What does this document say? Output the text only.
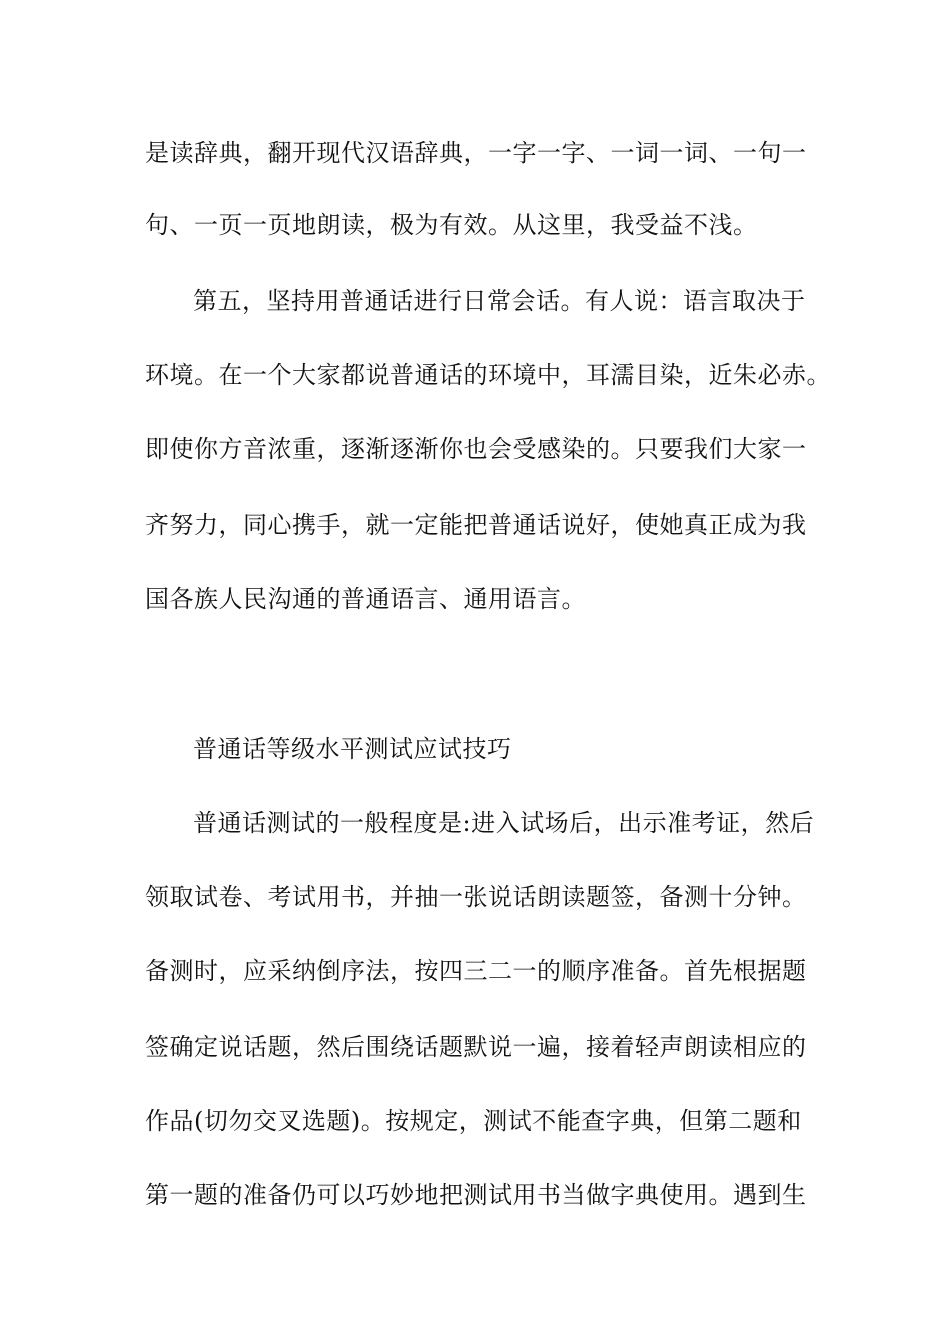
是读辞典，翻开现代汉语辞典，一字一字、一词一词、一句一
句、一页一页地朗读，极为有效。从这里，我受益不浅。
第五，坚持用普通话进行日常会话。有人说：语言取决于
环境。在一个大家都说普通话的环境中，耳濡目染，近朱必赤。
即使你方音浓重，逐渐逐渐你也会受感染的。只要我们大家一
齐努力，同心携手，就一定能把普通话说好，使她真正成为我
国各族人民沟通的普通语言、通用语言。
普通话等级水平测试应试技巧
普通话测试的一般程度是:进入试场后，出示准考证，然后
领取试卷、考试用书，并抽一张说话朗读题签，备测十分钟。
备测时，应采纳倒序法，按四三二一的顺序准备。首先根据题
签确定说话题，然后围绕话题默说一遍，接着轻声朗读相应的
作品(切勿交叉选题)。按规定，测试不能查字典，但第二题和
第一题的准备仍可以巧妙地把测试用书当做字典使用。遇到生
